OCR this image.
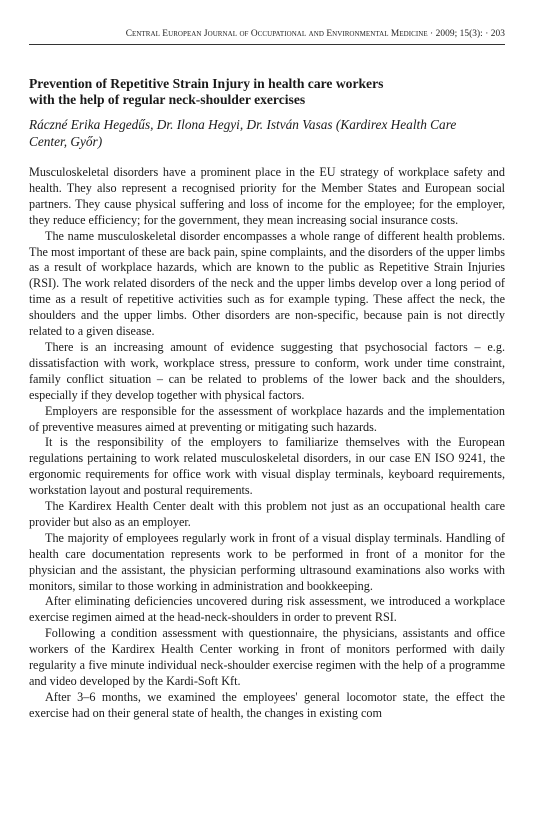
Central European Journal of Occupational and Environmental Medicine · 2009; 15(3): · 203
Prevention of Repetitive Strain Injury in health care workers
with the help of regular neck-shoulder exercises

Ráczné Erika Hegedűs, Dr. Ilona Hegyi, Dr. István Vasas (Kardirex Health Care
Center, Győr)

Musculoskeletal disorders have a prominent place in the EU strategy of workplace safety and health. They also represent a recognised priority for the Member States and European social partners. They cause physical suffering and loss of income for the employee; for the employer, they reduce efficiency; for the government, they mean increasing social insurance costs.

The name musculoskeletal disorder encompasses a whole range of different health problems. The most important of these are back pain, spine complaints, and the disorders of the upper limbs as a result of workplace hazards, which are known to the public as Repetitive Strain Injuries (RSI). The work related disorders of the neck and the upper limbs develop over a long period of time as a result of repetitive activities such as for example typing. These affect the neck, the shoulders and the upper limbs. Other disorders are non-specific, because pain is not directly related to a given disease.

There is an increasing amount of evidence suggesting that psychosocial factors – e.g. dissatisfaction with work, workplace stress, pressure to conform, work under time constraint, family conflict situation – can be related to problems of the lower back and the shoulders, especially if they develop together with physical factors.

Employers are responsible for the assessment of workplace hazards and the implementation of preventive measures aimed at preventing or mitigating such hazards.

It is the responsibility of the employers to familiarize themselves with the European regulations pertaining to work related musculoskeletal disorders, in our case EN ISO 9241, the ergonomic requirements for office work with visual display terminals, keyboard requirements, workstation layout and postural requirements.

The Kardirex Health Center dealt with this problem not just as an occupational health care provider but also as an employer.

The majority of employees regularly work in front of a visual display terminals. Handling of health care documentation represents work to be performed in front of a monitor for the physician and the assistant, the physician performing ultrasound examinations also works with monitors, similar to those working in administration and bookkeeping.

After eliminating deficiencies uncovered during risk assessment, we introduced a workplace exercise regimen aimed at the head-neck-shoulders in order to prevent RSI.

Following a condition assessment with questionnaire, the physicians, assistants and office workers of the Kardirex Health Center working in front of monitors performed with daily regularity a five minute individual neck-shoulder exercise regimen with the help of a programme and video developed by the Kardi-Soft Kft.

After 3–6 months, we examined the employees' general locomotor state, the effect the exercise had on their general state of health, the changes in existing com
